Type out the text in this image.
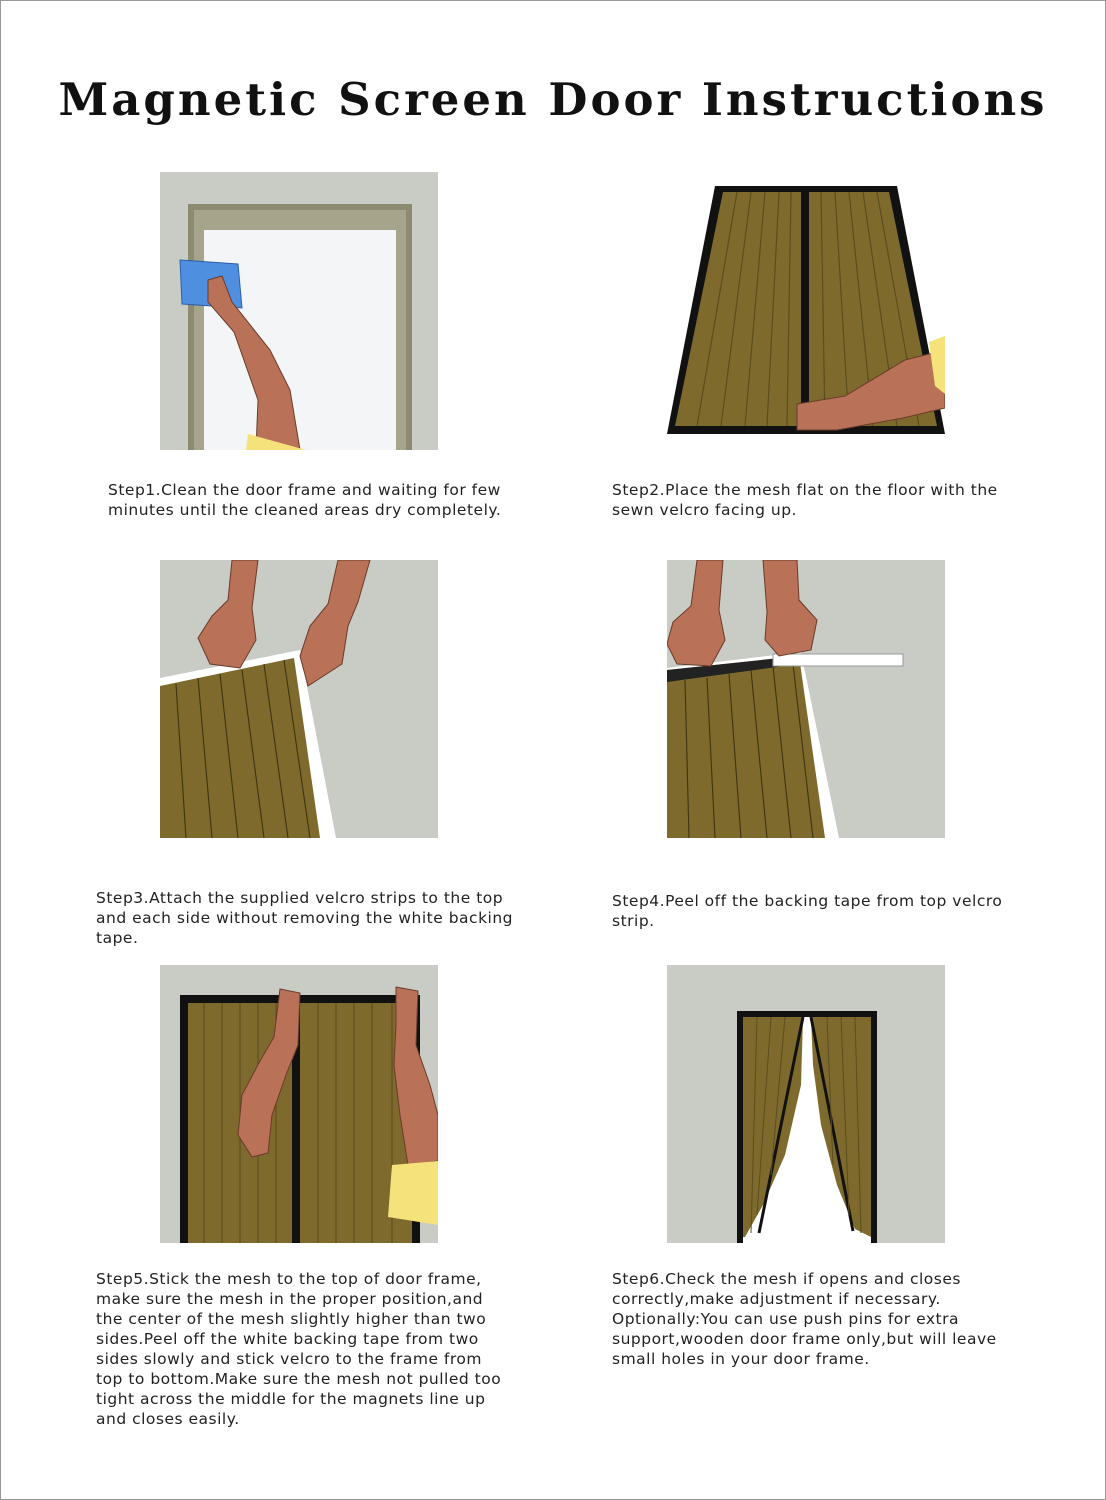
Magnetic Screen Door Instructions
Step1.Clean the door frame and waiting for few
minutes until the cleaned areas dry completely.
Step2.Place the mesh flat on the floor with the
sewn velcro facing up.
Step3.Attach the supplied velcro strips to the top
and each side without removing the white backing
tape.
Step4.Peel off the backing tape from top velcro
strip.
Step5.Stick the mesh to the top of door frame,
make sure the mesh in the proper position,and
the center of the mesh slightly higher than two
sides.Peel off the white backing tape from two
sides slowly and stick velcro to the frame from
top to bottom.Make sure the mesh not pulled too
tight across the middle for the magnets line up
and closes easily.
Step6.Check the mesh if opens and closes
correctly,make adjustment if necessary.
Optionally:You can use push pins for extra
support,wooden door frame only,but will leave
small holes in your door frame.
